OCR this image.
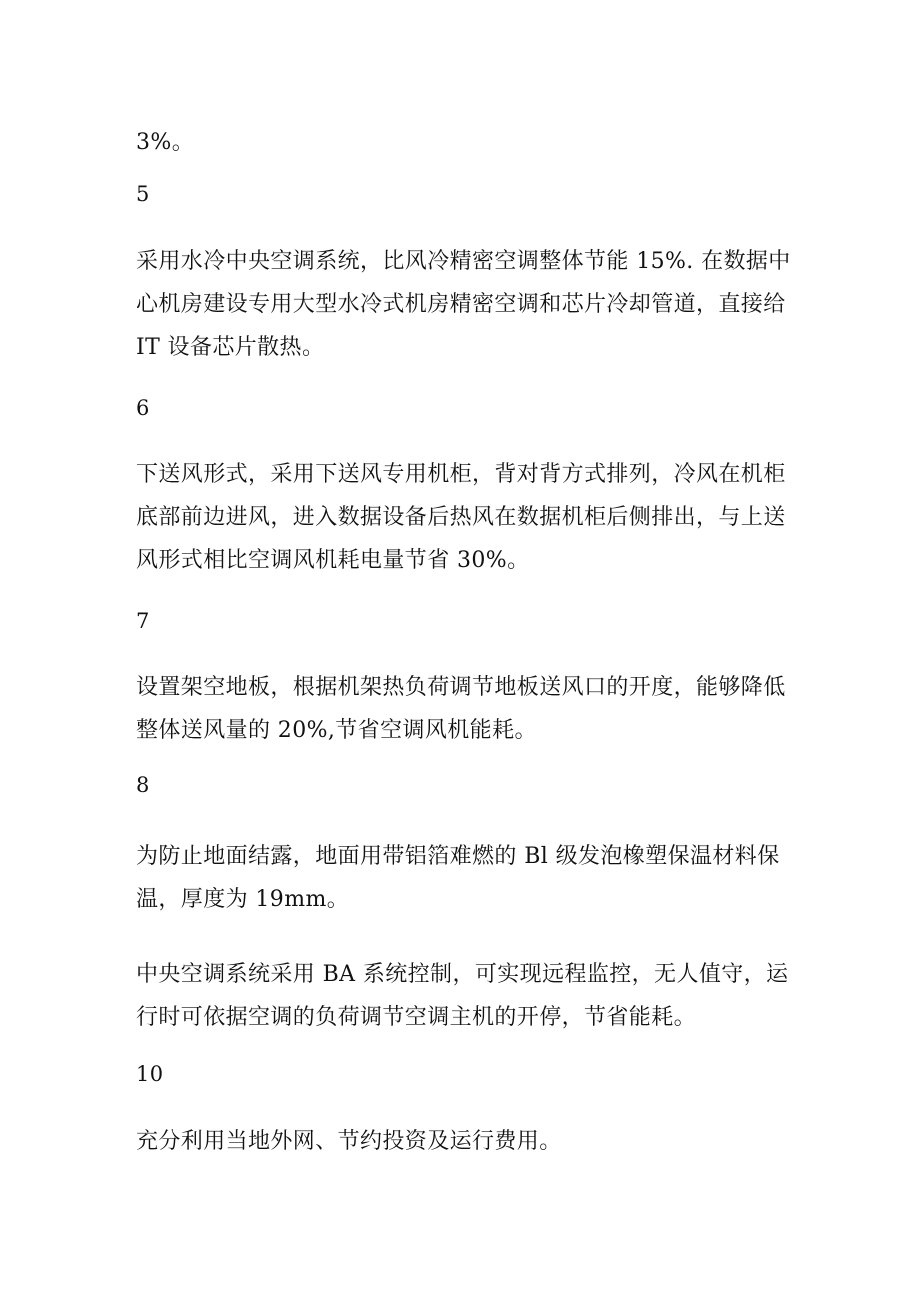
3%。

5

采用水冷中央空调系统，比风冷精密空调整体节能 15%. 在数据中心机房建设专用大型水冷式机房精密空调和芯片冷却管道，直接给 IT 设备芯片散热。

6

下送风形式，采用下送风专用机柜，背对背方式排列，冷风在机柜底部前边进风，进入数据设备后热风在数据机柜后侧排出，与上送风形式相比空调风机耗电量节省 30%。

7

设置架空地板，根据机架热负荷调节地板送风口的开度，能够降低整体送风量的 20%,节省空调风机能耗。

8

为防止地面结露，地面用带铝箔难燃的 Bl 级发泡橡塑保温材料保温，厚度为 19mm。

中央空调系统采用 BA 系统控制，可实现远程监控，无人值守，运行时可依据空调的负荷调节空调主机的开停，节省能耗。

10

充分利用当地外网、节约投资及运行费用。
